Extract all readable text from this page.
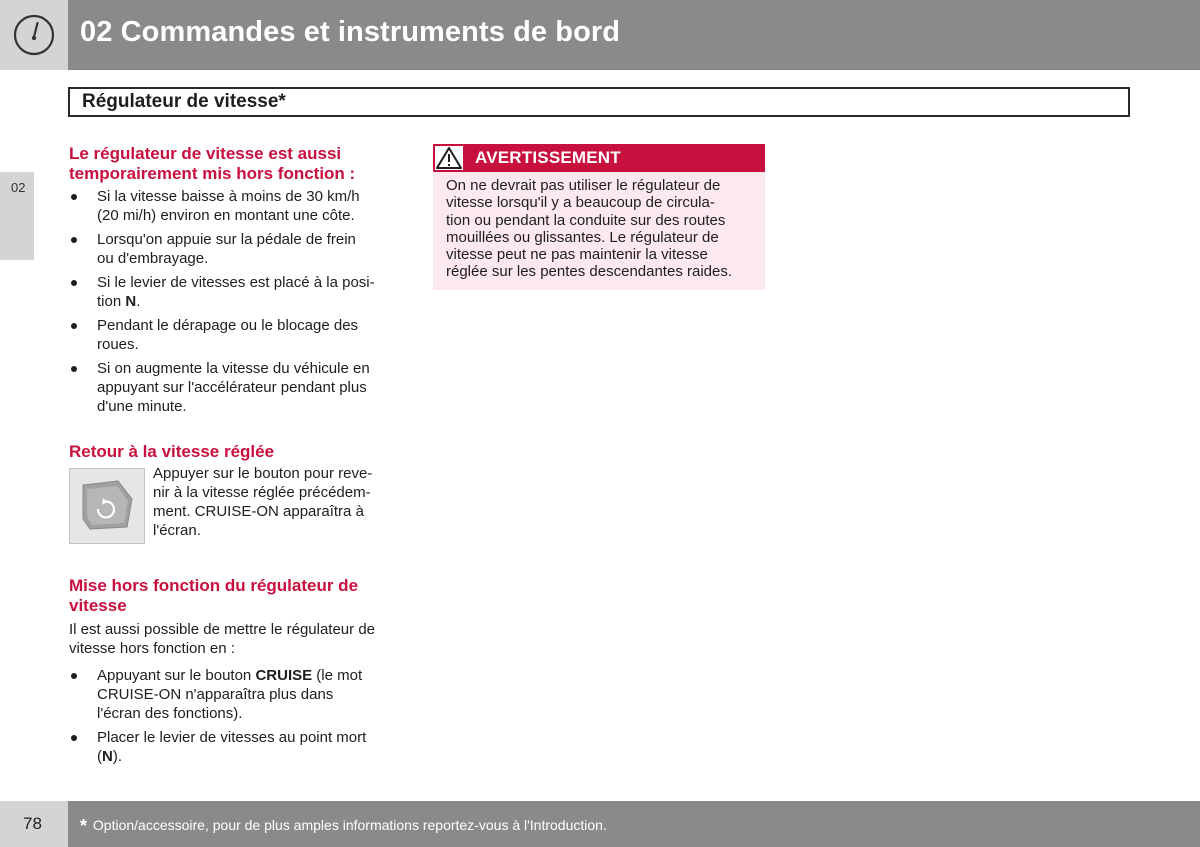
02 Commandes et instruments de bord
02
Régulateur de vitesse*

Le régulateur de vitesse est aussi
temporairement mis hors fonction :

Si la vitesse baisse à moins de 30 km/h
(20 mi/h) environ en montant une côte.
Lorsqu'on appuie sur la pédale de frein
ou d'embrayage.
Si le levier de vitesses est placé à la posi-
tion N.
Pendant le dérapage ou le blocage des
roues.
Si on augmente la vitesse du véhicule en
appuyant sur l'accélérateur pendant plus
d'une minute.

Retour à la vitesse réglée

Appuyer sur le bouton pour reve-
nir à la vitesse réglée précédem-
ment. CRUISE-ON apparaîtra à
l'écran.

Mise hors fonction du régulateur de
vitesse

Il est aussi possible de mettre le régulateur de
vitesse hors fonction en :

Appuyant sur le bouton CRUISE (le mot
CRUISE-ON n'apparaîtra plus dans
l'écran des fonctions).
Placer le levier de vitesses au point mort
(N).
AVERTISSEMENT
On ne devrait pas utiliser le régulateur de
vitesse lorsqu'il y a beaucoup de circula-
tion ou pendant la conduite sur des routes
mouillées ou glissantes. Le régulateur de
vitesse peut ne pas maintenir la vitesse
réglée sur les pentes descendantes raides.
78 * Option/accessoire, pour de plus amples informations reportez-vous à l'Introduction.
